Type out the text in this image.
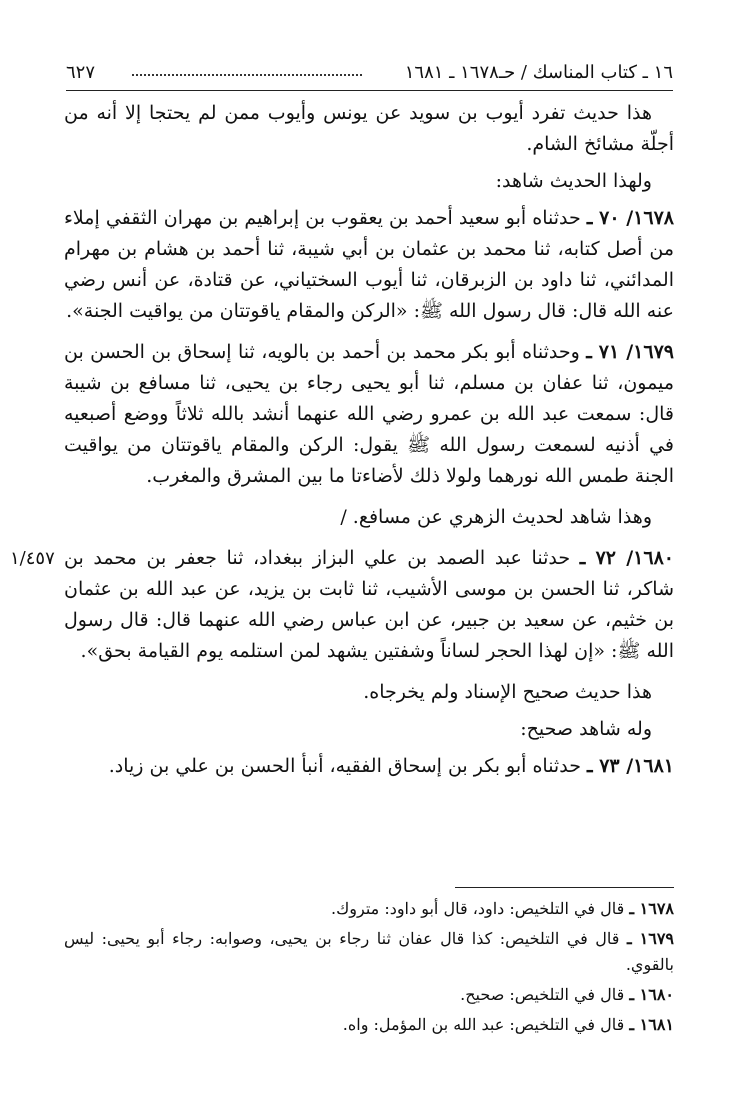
١٦ ـ كتاب المناسك / حـ١٦٧٨ ـ ١٦٨١
٦٢٧
١/٤٥٧

هذا حديث تفرد أيوب بن سويد عن يونس وأيوب ممن لم يحتجا إلا أنه من أجلّة مشائخ الشام.

ولهذا الحديث شاهد:

١٦٧٨/ ٧٠ ـ حدثناه أبو سعيد أحمد بن يعقوب بن إبراهيم بن مهران الثقفي إملاء من أصل كتابه، ثنا محمد بن عثمان بن أبي شيبة، ثنا أحمد بن هشام بن مهرام المدائني، ثنا داود بن الزبرقان، ثنا أيوب السختياني، عن قتادة، عن أنس رضي عنه الله قال: قال رسول الله ﷺ: «الركن والمقام ياقوتتان من يواقيت الجنة».

١٦٧٩/ ٧١ ـ وحدثناه أبو بكر محمد بن أحمد بن بالويه، ثنا إسحاق بن الحسن بن ميمون، ثنا عفان بن مسلم، ثنا أبو يحيى رجاء بن يحيى، ثنا مسافع بن شيبة قال: سمعت عبد الله بن عمرو رضي الله عنهما أنشد بالله ثلاثاً ووضع أصبعيه في أذنيه لسمعت رسول الله ﷺ يقول: الركن والمقام ياقوتتان من يواقيت الجنة طمس الله نورهما ولولا ذلك لأضاءتا ما بين المشرق والمغرب.

وهذا شاهد لحديث الزهري عن مسافع. /

١٦٨٠/ ٧٢ ـ حدثنا عبد الصمد بن علي البزاز ببغداد، ثنا جعفر بن محمد بن شاكر، ثنا الحسن بن موسى الأشيب، ثنا ثابت بن يزيد، عن عبد الله بن عثمان بن خثيم، عن سعيد بن جبير، عن ابن عباس رضي الله عنهما قال: قال رسول الله ﷺ: «إن لهذا الحجر لساناً وشفتين يشهد لمن استلمه يوم القيامة بحق».

هذا حديث صحيح الإسناد ولم يخرجاه.

وله شاهد صحيح:

١٦٨١/ ٧٣ ـ حدثناه أبو بكر بن إسحاق الفقيه، أنبأ الحسن بن علي بن زياد.

١٦٧٨ ـ قال في التلخيص: داود، قال أبو داود: متروك.

١٦٧٩ ـ قال في التلخيص: كذا قال عفان ثنا رجاء بن يحيى، وصوابه: رجاء أبو يحيى: ليس بالقوي.

١٦٨٠ ـ قال في التلخيص: صحيح.

١٦٨١ ـ قال في التلخيص: عبد الله بن المؤمل: واه.
